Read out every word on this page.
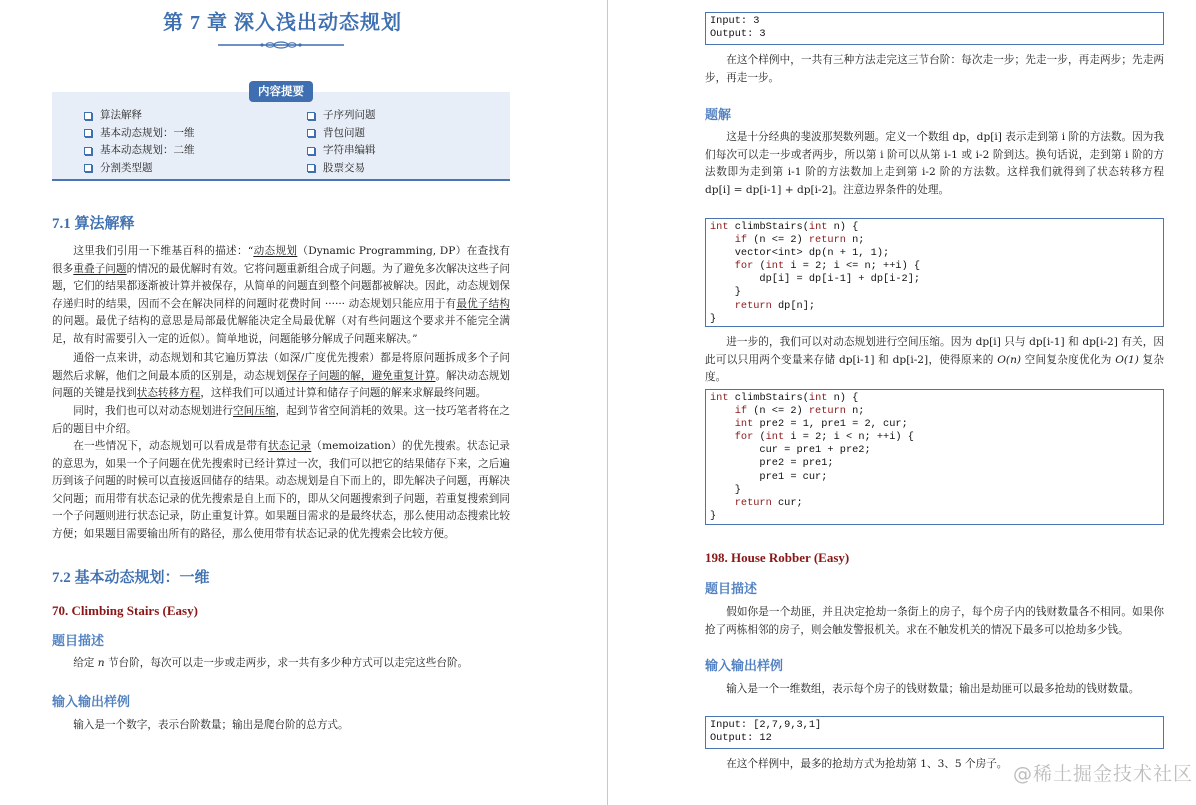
第 7 章 深入浅出动态规划
内容提要
算法解释
基本动态规划：一维
基本动态规划：二维
分割类型题
子序列问题
背包问题
字符串编辑
股票交易
7.1 算法解释
这里我们引用一下维基百科的描述：“动态规划（Dynamic Programming, DP）在查找有很多重叠子问题的情况的最优解时有效。它将问题重新组合成子问题。为了避免多次解决这些子问题，它们的结果都逐渐被计算并被保存，从简单的问题直到整个问题都被解决。因此，动态规划保存递归时的结果，因而不会在解决同样的问题时花费时间 ······ 动态规划只能应用于有最优子结构的问题。最优子结构的意思是局部最优解能决定全局最优解（对有些问题这个要求并不能完全满足，故有时需要引入一定的近似）。简单地说，问题能够分解成子问题来解决。”
通俗一点来讲，动态规划和其它遍历算法（如深/广度优先搜索）都是将原问题拆成多个子问题然后求解，他们之间最本质的区别是，动态规划保存子问题的解，避免重复计算。解决动态规划问题的关键是找到状态转移方程，这样我们可以通过计算和储存子问题的解来求解最终问题。
同时，我们也可以对动态规划进行空间压缩，起到节省空间消耗的效果。这一技巧笔者将在之后的题目中介绍。
在一些情况下，动态规划可以看成是带有状态记录（memoization）的优先搜索。状态记录的意思为，如果一个子问题在优先搜索时已经计算过一次，我们可以把它的结果储存下来，之后遍历到该子问题的时候可以直接返回储存的结果。动态规划是自下而上的，即先解决子问题，再解决父问题；而用带有状态记录的优先搜索是自上而下的，即从父问题搜索到子问题，若重复搜索到同一个子问题则进行状态记录，防止重复计算。如果题目需求的是最终状态，那么使用动态搜索比较方便；如果题目需要输出所有的路径，那么使用带有状态记录的优先搜索会比较方便。
7.2 基本动态规划：一维
70. Climbing Stairs (Easy)
题目描述
给定 n 节台阶，每次可以走一步或走两步，求一共有多少种方式可以走完这些台阶。
输入输出样例
输入是一个数字，表示台阶数量；输出是爬台阶的总方式。
Input: 3
Output: 3
在这个样例中，一共有三种方法走完这三节台阶：每次走一步；先走一步，再走两步；先走两步，再走一步。
题解
这是十分经典的斐波那契数列题。定义一个数组 dp，dp[i] 表示走到第 i 阶的方法数。因为我们每次可以走一步或者两步，所以第 i 阶可以从第 i-1 或 i-2 阶到达。换句话说，走到第 i 阶的方法数即为走到第 i-1 阶的方法数加上走到第 i-2 阶的方法数。这样我们就得到了状态转移方程 dp[i] = dp[i-1] + dp[i-2]。注意边界条件的处理。
int climbStairs(int n) {
if (n <= 2) return n;
vector<int> dp(n + 1, 1);
for (int i = 2; i <= n; ++i) {
dp[i] = dp[i-1] + dp[i-2];
}
return dp[n];
}
进一步的，我们可以对动态规划进行空间压缩。因为 dp[i] 只与 dp[i-1] 和 dp[i-2] 有关，因此可以只用两个变量来存储 dp[i-1] 和 dp[i-2]，使得原来的 O(n) 空间复杂度优化为 O(1) 复杂度。
int climbStairs(int n) {
if (n <= 2) return n;
int pre2 = 1, pre1 = 2, cur;
for (int i = 2; i < n; ++i) {
cur = pre1 + pre2;
pre2 = pre1;
pre1 = cur;
}
return cur;
}
198. House Robber (Easy)
题目描述
假如你是一个劫匪，并且决定抢劫一条街上的房子，每个房子内的钱财数量各不相同。如果你抢了两栋相邻的房子，则会触发警报机关。求在不触发机关的情况下最多可以抢劫多少钱。
输入输出样例
输入是一个一维数组，表示每个房子的钱财数量；输出是劫匪可以最多抢劫的钱财数量。
Input: [2,7,9,3,1]
Output: 12
在这个样例中，最多的抢劫方式为抢劫第 1、3、5 个房子。 @稀土掘金技术社区
